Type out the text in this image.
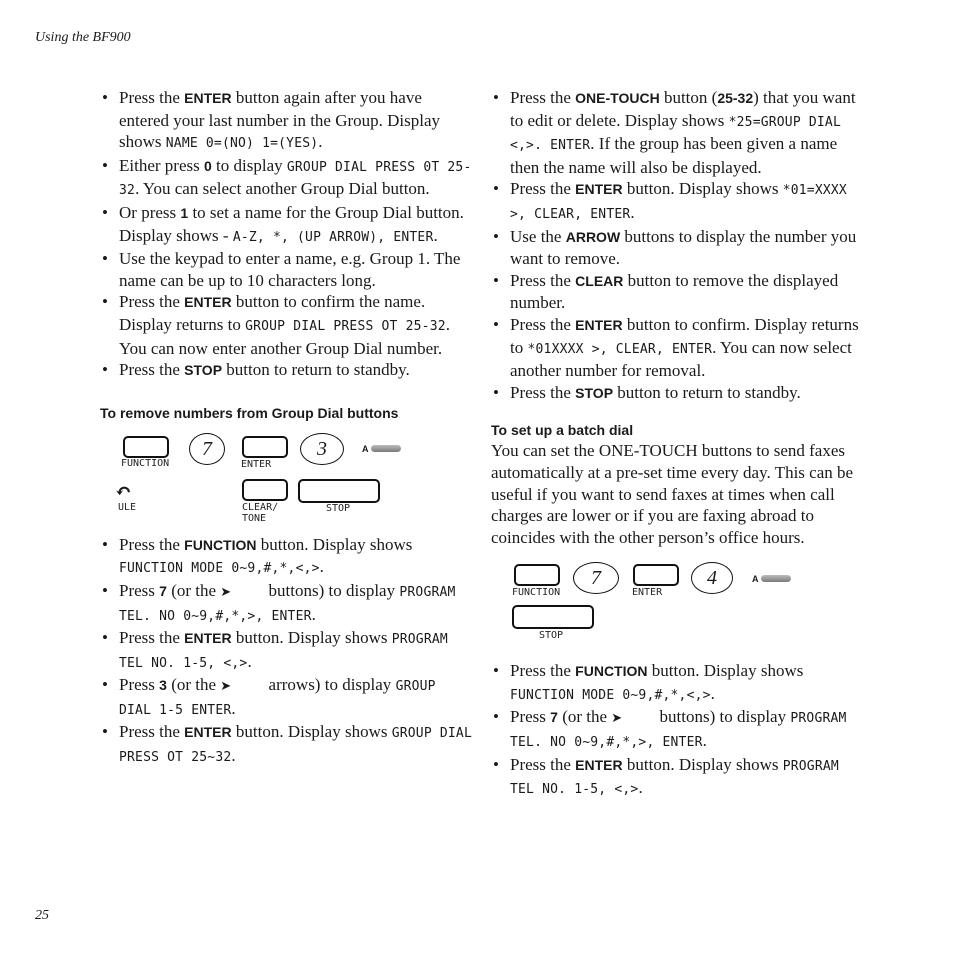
Using the BF900
• Press the ENTER button again after you have entered your last number in the Group. Display shows NAME 0=(NO) 1=(YES).
• Either press 0 to display GROUP DIAL PRESS 0T 25-32. You can select another Group Dial button.
• Or press 1 to set a name for the Group Dial button. Display shows - A-Z, *, (UP ARROW), ENTER.
• Use the keypad to enter a name, e.g. Group 1. The name can be up to 10 characters long.
• Press the ENTER button to confirm the name. Display returns to GROUP DIAL PRESS OT 25-32. You can now enter another Group Dial number.
• Press the STOP button to return to standby.
To remove numbers from Group Dial buttons
FUNCTION
7
ENTER
3	A
↶
ULE	CLEAR/
TONE
STOP
• Press the FUNCTION button. Display shows FUNCTION MODE 0~9,#,*,<,>.
• Press 7 (or the ➤ buttons) to display PROGRAM TEL. NO 0~9,#,*,>, ENTER.
• Press the ENTER button. Display shows PROGRAM TEL NO. 1-5, <,>.
• Press 3 (or the ➤ arrows) to display GROUP DIAL 1-5 ENTER.
• Press the ENTER button. Display shows GROUP DIAL PRESS OT 25~32.
• Press the ONE-TOUCH button (25-32) that you want to edit or delete. Display shows *25=GROUP DIAL <,>. ENTER. If the group has been given a name then the name will also be displayed.
• Press the ENTER button. Display shows *01=XXXX >, CLEAR, ENTER.
• Use the ARROW buttons to display the number you want to remove.
• Press the CLEAR button to remove the displayed number.
• Press the ENTER button to confirm. Display returns to *01XXXX >, CLEAR, ENTER. You can now select another number for removal.
• Press the STOP button to return to standby.
To set up a batch dial

You can set the ONE-TOUCH buttons to send faxes automatically at a pre-set time every day. This can be useful if you want to send faxes at times when call charges are lower or if you are faxing abroad to coincides with the other person’s office hours.

FUNCTION
7
ENTER
4	A
STOP
• Press the FUNCTION button. Display shows FUNCTION MODE 0~9,#,*,<,>.
• Press 7 (or the ➤ buttons) to display PROGRAM TEL. NO 0~9,#,*,>, ENTER.
• Press the ENTER button. Display shows PROGRAM TEL NO. 1-5, <,>.
25
